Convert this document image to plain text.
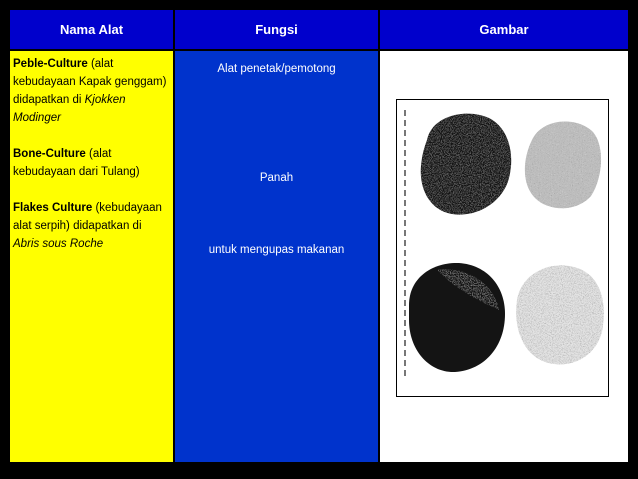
Nama Alat	Fungsi	Gambar
Peble-Culture (alat kebudayaan Kapak genggam) didapatkan di Kjokken Modinger
Bone-Culture (alat kebudayaan dari Tulang)
Flakes Culture (kebudayaan alat serpih) didapatkan di Abris sous Roche
Alat penetak/pemotong
Panah
untuk mengupas makanan
